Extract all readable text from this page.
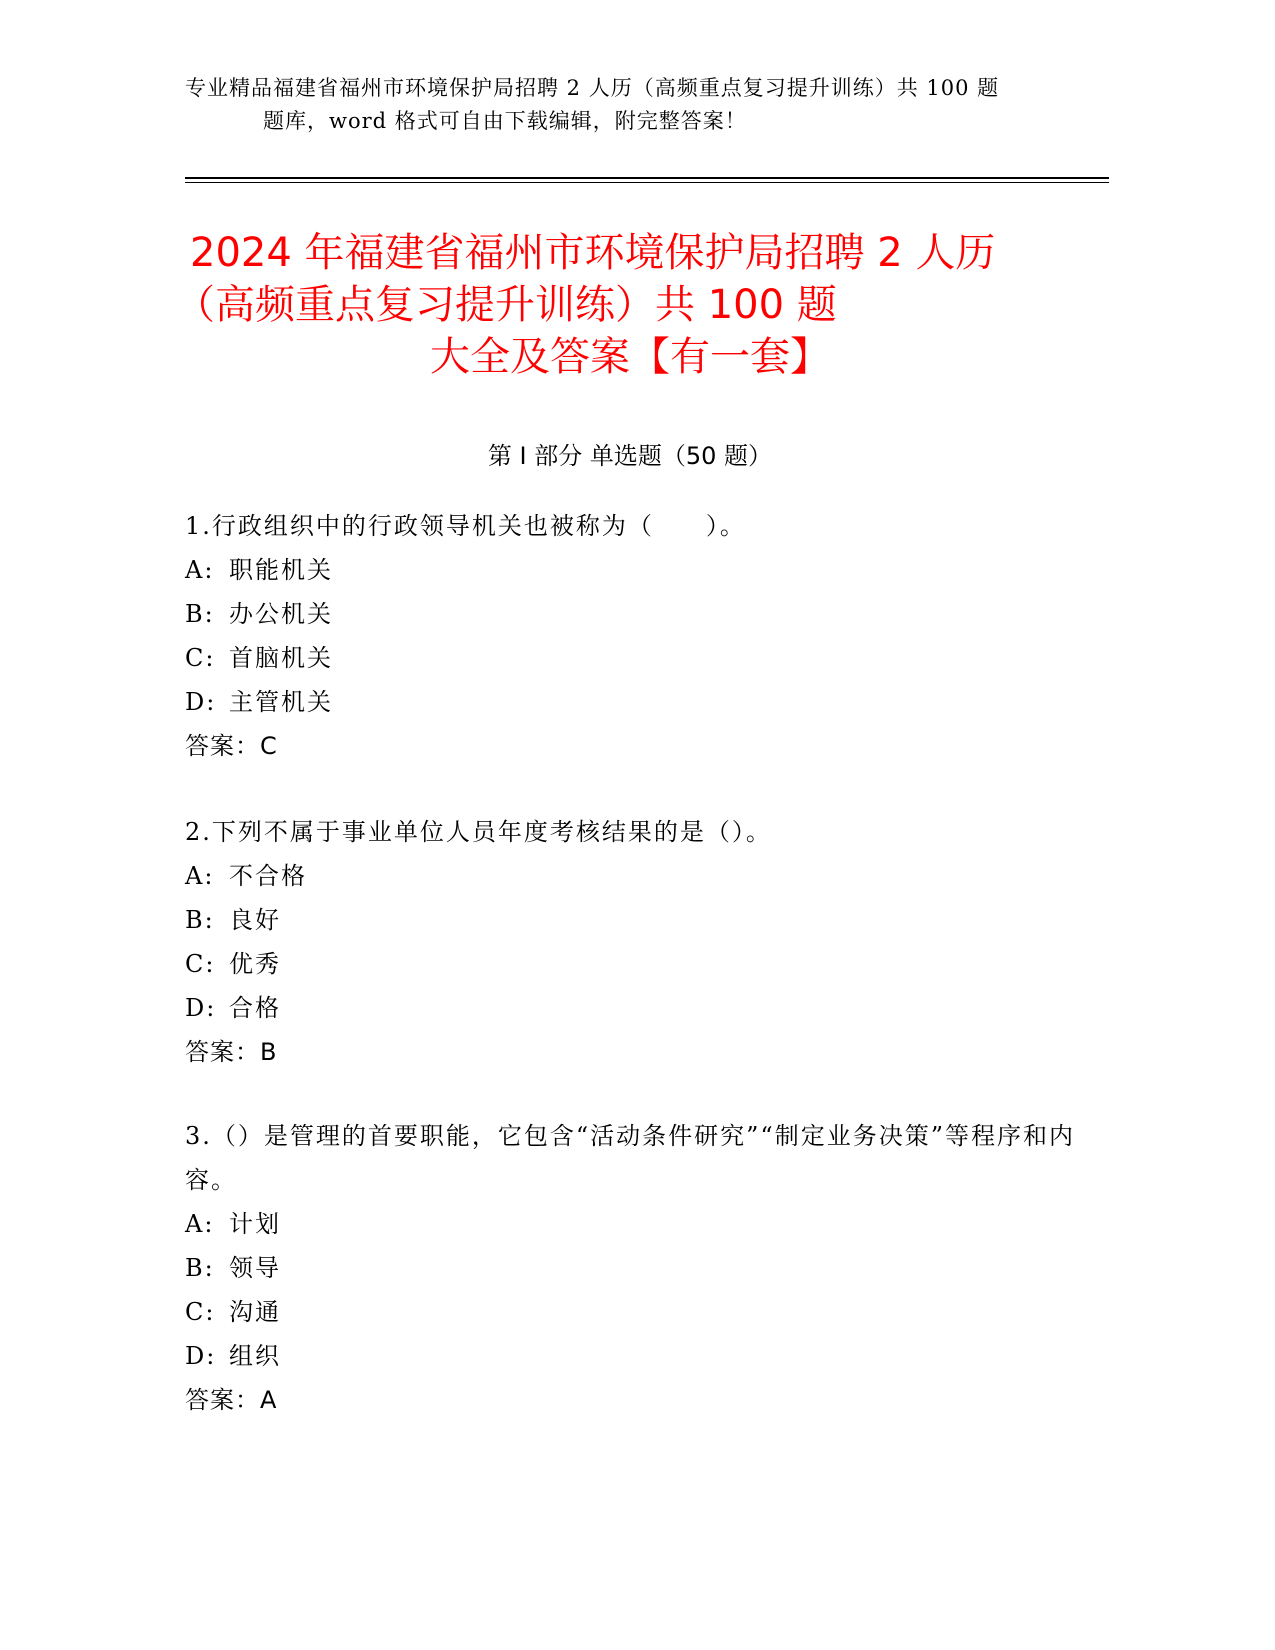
专业精品福建省福州市环境保护局招聘 2 人历（高频重点复习提升训练）共 100 题
题库，word 格式可自由下载编辑，附完整答案！
2024 年福建省福州市环境保护局招聘 2 人历
（高频重点复习提升训练）共 100 题
大全及答案【有一套】
第 I 部分 单选题（50 题）
1.行政组织中的行政领导机关也被称为（　　）。
A: 职能机关
B: 办公机关
C: 首脑机关
D: 主管机关
答案：C
2.下列不属于事业单位人员年度考核结果的是（）。
A: 不合格
B: 良好
C: 优秀
D: 合格
答案：B
3.（）是管理的首要职能，它包含“活动条件研究”“制定业务决策”等程序和内容。
A: 计划
B: 领导
C: 沟通
D: 组织
答案：A
